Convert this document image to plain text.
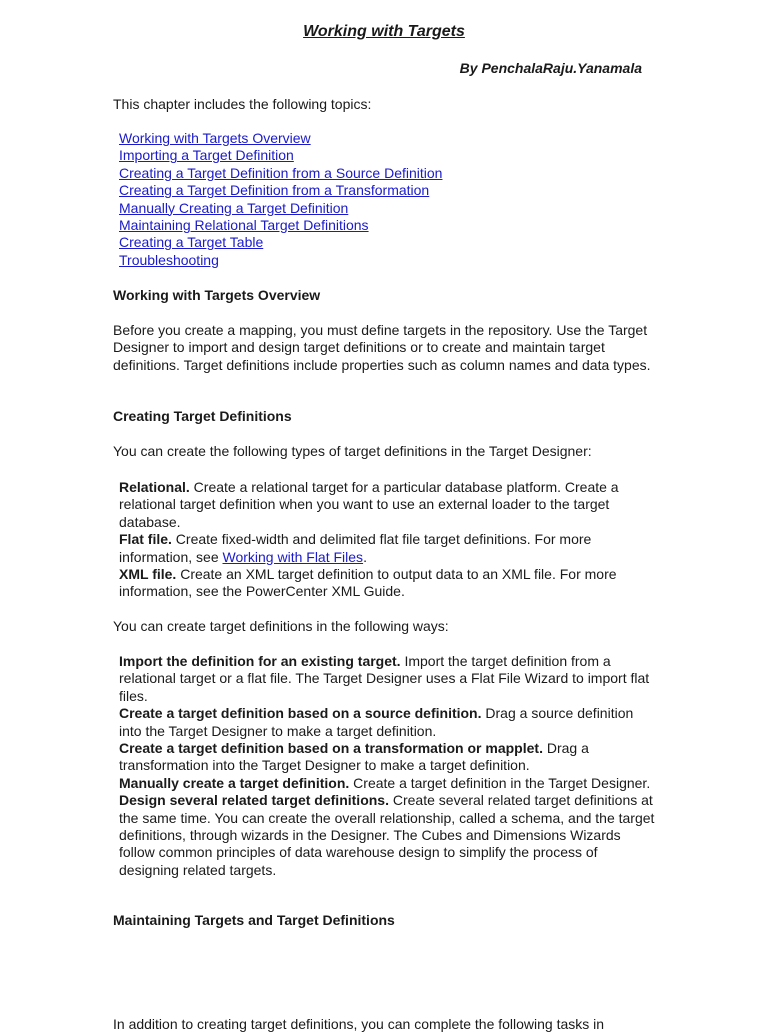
Working with Targets
By PenchalaRaju.Yanamala

This chapter includes the following topics:

Working with Targets Overview
Importing a Target Definition
Creating a Target Definition from a Source Definition
Creating a Target Definition from a Transformation
Manually Creating a Target Definition
Maintaining Relational Target Definitions
Creating a Target Table
Troubleshooting

Working with Targets Overview

Before you create a mapping, you must define targets in the repository. Use the Target Designer to import and design target definitions or to create and maintain target definitions. Target definitions include properties such as column names and data types.

Creating Target Definitions

You can create the following types of target definitions in the Target Designer:

Relational. Create a relational target for a particular database platform. Create a relational target definition when you want to use an external loader to the target database.

Flat file. Create fixed-width and delimited flat file target definitions. For more information, see Working with Flat Files.

XML file. Create an XML target definition to output data to an XML file. For more information, see the PowerCenter XML Guide.

You can create target definitions in the following ways:

Import the definition for an existing target. Import the target definition from a relational target or a flat file. The Target Designer uses a Flat File Wizard to import flat files.

Create a target definition based on a source definition. Drag a source definition into the Target Designer to make a target definition.

Create a target definition based on a transformation or mapplet. Drag a transformation into the Target Designer to make a target definition.

Manually create a target definition. Create a target definition in the Target Designer.

Design several related target definitions. Create several related target definitions at the same time. You can create the overall relationship, called a schema, and the target definitions, through wizards in the Designer. The Cubes and Dimensions Wizards follow common principles of data warehouse design to simplify the process of designing related targets.

Maintaining Targets and Target Definitions

In addition to creating target definitions, you can complete the following tasks in
